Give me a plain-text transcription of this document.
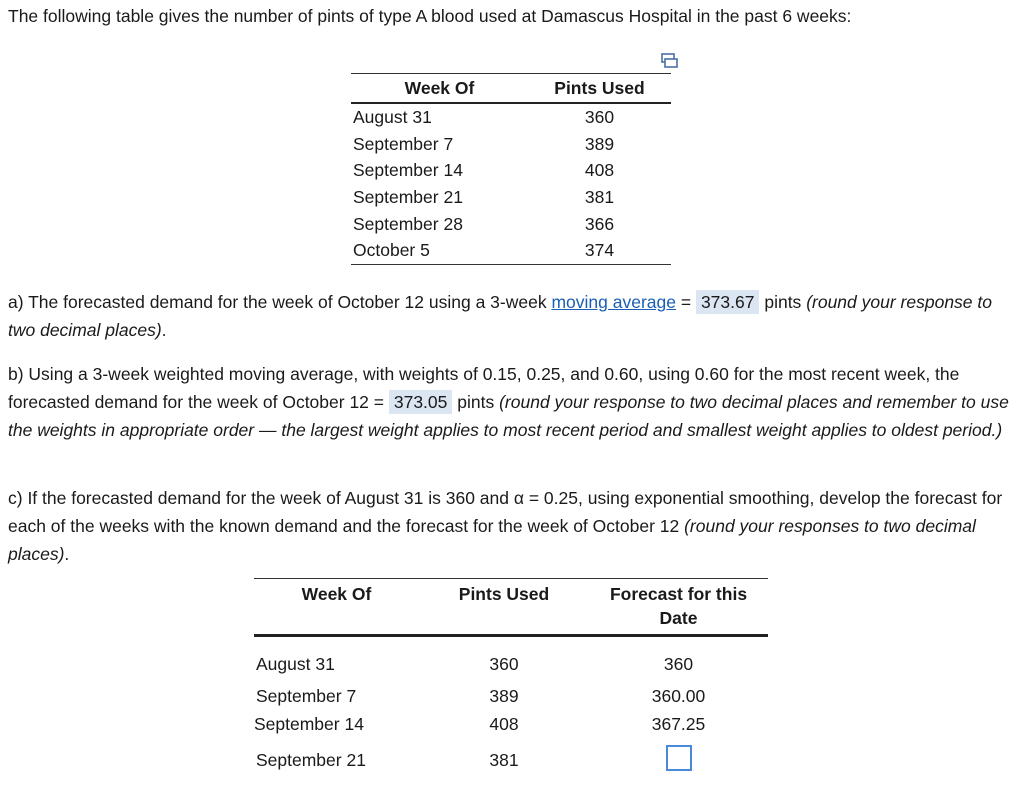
The following table gives the number of pints of type A blood used at Damascus Hospital in the past 6 weeks:
Week Of	Pints Used
August 31	360
September 7	389
September 14	408
September 21	381
September 28	366
October 5	374
a) The forecasted demand for the week of October 12 using a 3-week moving average = 373.67 pints (round your response to two decimal places).
b) Using a 3-week weighted moving average, with weights of 0.15, 0.25, and 0.60, using 0.60 for the most recent week, the forecasted demand for the week of October 12 = 373.05 pints (round your response to two decimal places and remember to use the weights in appropriate order — the largest weight applies to most recent period and smallest weight applies to oldest period.)
c) If the forecasted demand for the week of August 31 is 360 and α = 0.25, using exponential smoothing, develop the forecast for each of the weeks with the known demand and the forecast for the week of October 12 (round your responses to two decimal places).
Week Of	Pints Used	Forecast for this Date
August 31	360	360
September 7	389	360.00
September 14	408	367.25
September 21	381	
